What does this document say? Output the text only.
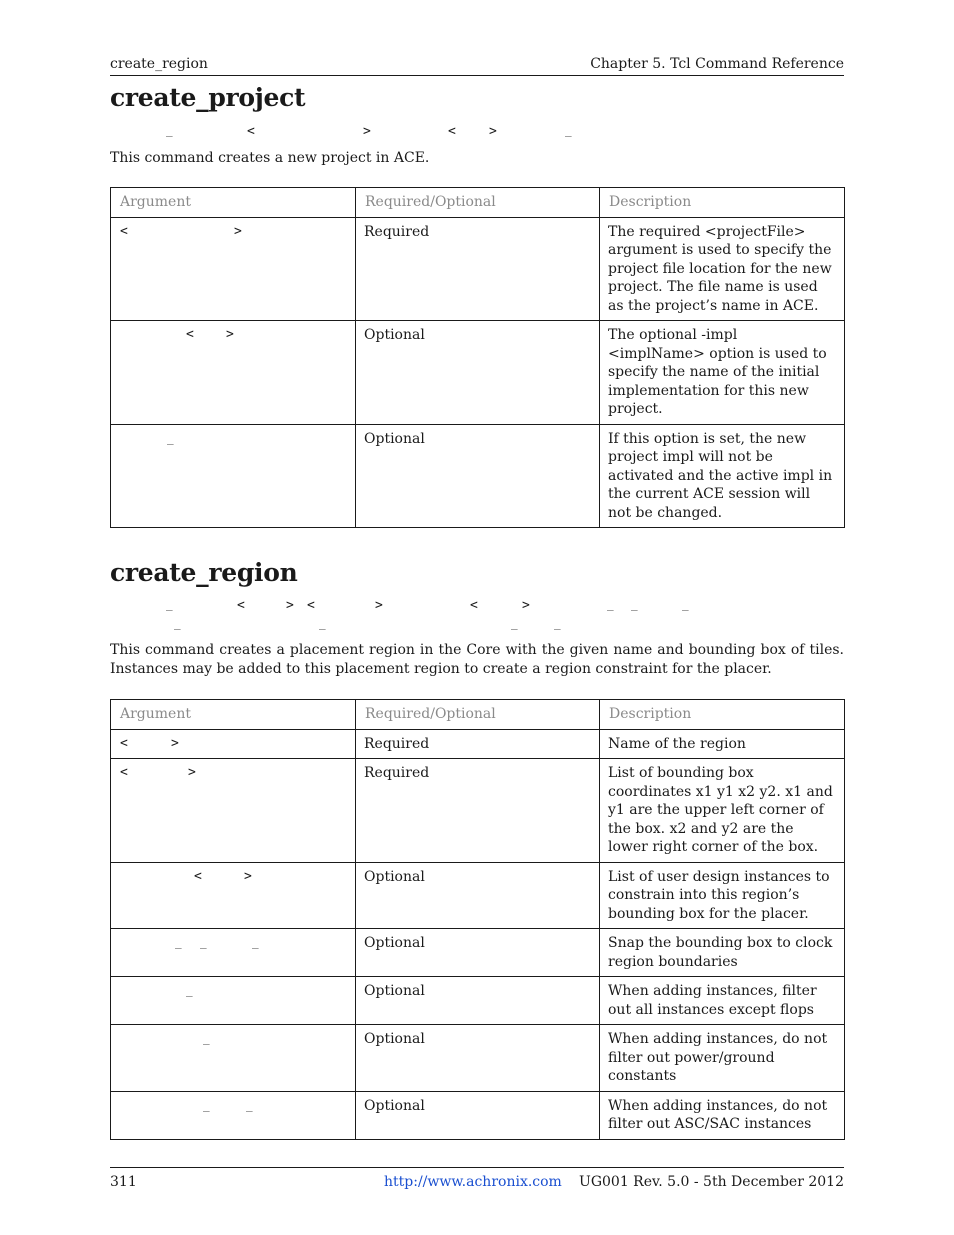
create_region	Chapter 5. Tcl Command Reference
create_project
_	<	>	<	>	_
This command creates a new project in ACE.
Argument	Required/Optional	Description

< >	Required	The required <projectFile> argument is used to specify the project file location for the new project. The file name is used as the project’s name in ACE.

< >	Optional	The optional -impl <implName> option is used to specify the name of the initial implementation for this new project.

_	Optional	If this option is set, the new project impl will not be activated and the active impl in the current ACE session will not be changed.
create_region
_	<	> <	>	<	>	_ _	_
_	_	_	_
This command creates a placement region in the Core with the given name and bounding box of tiles. Instances may be added to this placement region to create a region constraint for the placer.
Argument	Required/Optional	Description

< >	Required	Name of the region

< >	Required	List of bounding box coordinates x1 y1 x2 y2. x1 and y1 are the upper left corner of the box. x2 and y2 are the lower right corner of the box.

< >	Optional	List of user design instances to constrain into this region’s bounding box for the placer.

_ _ _	Optional	Snap the bounding box to clock region boundaries

_	Optional	When adding instances, filter out all instances except flops

_	Optional	When adding instances, do not filter out power/ground constants

_ _	Optional	When adding instances, do not filter out ASC/SAC instances
311	http://www.achronix.com UG001 Rev. 5.0 - 5th December 2012
